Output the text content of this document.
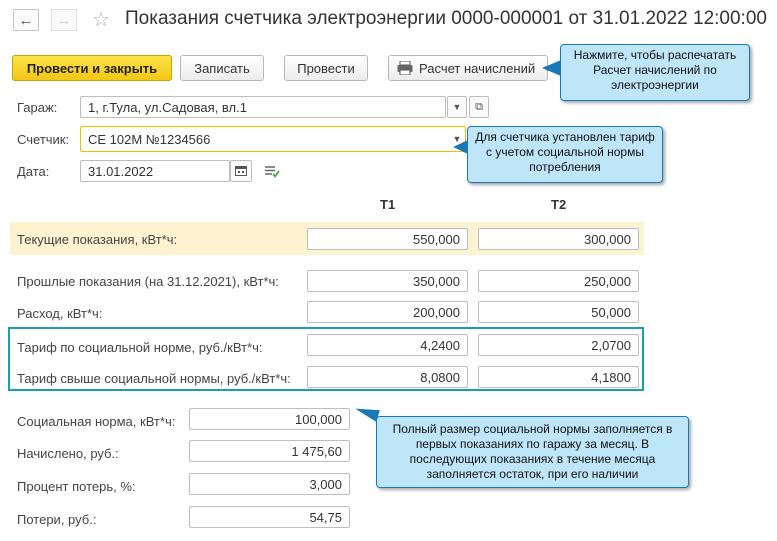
← → ☆ Показания счетчика электроэнергии 0000-000001 от 31.01.2022 12:00:00
Провести и закрыть	Записать	Провести	Расчет начислений ▼
Нажмите, чтобы распечатать Расчет начислений по электроэнергии
Гараж:	1, г.Тула, ул.Садовая, вл.1	▼ ⧉
Счетчик:	СЕ 102М №1234566	▼	Для счетчика установлен тариф с учетом социальной нормы потребления
Дата:	31.01.2022
Т1	Т2
Текущие показания, кВт*ч:	550,000	300,000
Прошлые показания (на 31.12.2021), кВт*ч:	350,000	250,000
Расход, кВт*ч:	200,000	50,000
Тариф по социальной норме, руб./кВт*ч:	4,2400	2,0700
Тариф свыше социальной нормы, руб./кВт*ч:	8,0800	4,1800
Социальная норма, кВт*ч:	100,000
Начислено, руб.:	1 475,60
Процент потерь, %:	3,000
Потери, руб.:	54,75
Полный размер социальной нормы заполняется в первых показаниях по гаражу за месяц. В последующих показаниях в течение месяца заполняется остаток, при его наличии
